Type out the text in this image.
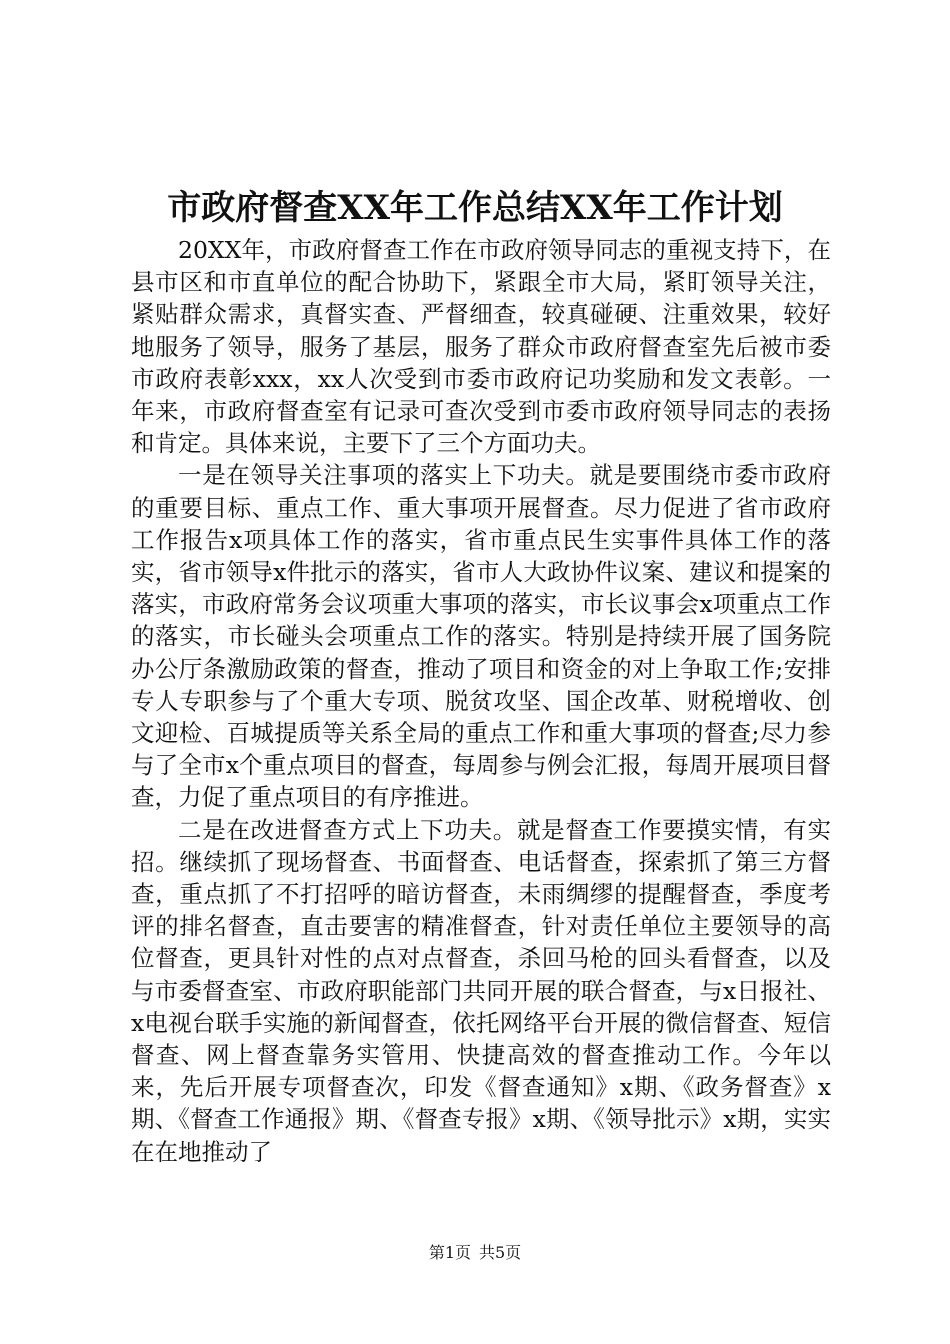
市政府督查XX年工作总结XX年工作计划

20XX年，市政府督查工作在市政府领导同志的重视支持下，在县市区和市直单位的配合协助下，紧跟全市大局，紧盯领导关注，紧贴群众需求，真督实查、严督细查，较真碰硬、注重效果，较好地服务了领导，服务了基层，服务了群众市政府督查室先后被市委市政府表彰xxx，xx人次受到市委市政府记功奖励和发文表彰。一年来，市政府督查室有记录可查次受到市委市政府领导同志的表扬和肯定。具体来说，主要下了三个方面功夫。

一是在领导关注事项的落实上下功夫。就是要围绕市委市政府的重要目标、重点工作、重大事项开展督查。尽力促进了省市政府工作报告x项具体工作的落实，省市重点民生实事件具体工作的落实，省市领导x件批示的落实，省市人大政协件议案、建议和提案的落实，市政府常务会议项重大事项的落实，市长议事会x项重点工作的落实，市长碰头会项重点工作的落实。特别是持续开展了国务院办公厅条激励政策的督查，推动了项目和资金的对上争取工作;安排专人专职参与了个重大专项、脱贫攻坚、国企改革、财税增收、创文迎检、百城提质等关系全局的重点工作和重大事项的督查;尽力参与了全市x个重点项目的督查，每周参与例会汇报，每周开展项目督查，力促了重点项目的有序推进。

二是在改进督查方式上下功夫。就是督查工作要摸实情，有实招。继续抓了现场督查、书面督查、电话督查，探索抓了第三方督查，重点抓了不打招呼的暗访督查，未雨绸缪的提醒督查，季度考评的排名督查，直击要害的精准督查，针对责任单位主要领导的高位督查，更具针对性的点对点督查，杀回马枪的回头看督查，以及与市委督查室、市政府职能部门共同开展的联合督查，与x日报社、x电视台联手实施的新闻督查，依托网络平台开展的微信督查、短信督查、网上督查靠务实管用、快捷高效的督查推动工作。今年以来，先后开展专项督查次，印发《督查通知》x期、《政务督查》x期、《督查工作通报》期、《督查专报》x期、《领导批示》x期，实实在在地推动了

第1页 共5页
